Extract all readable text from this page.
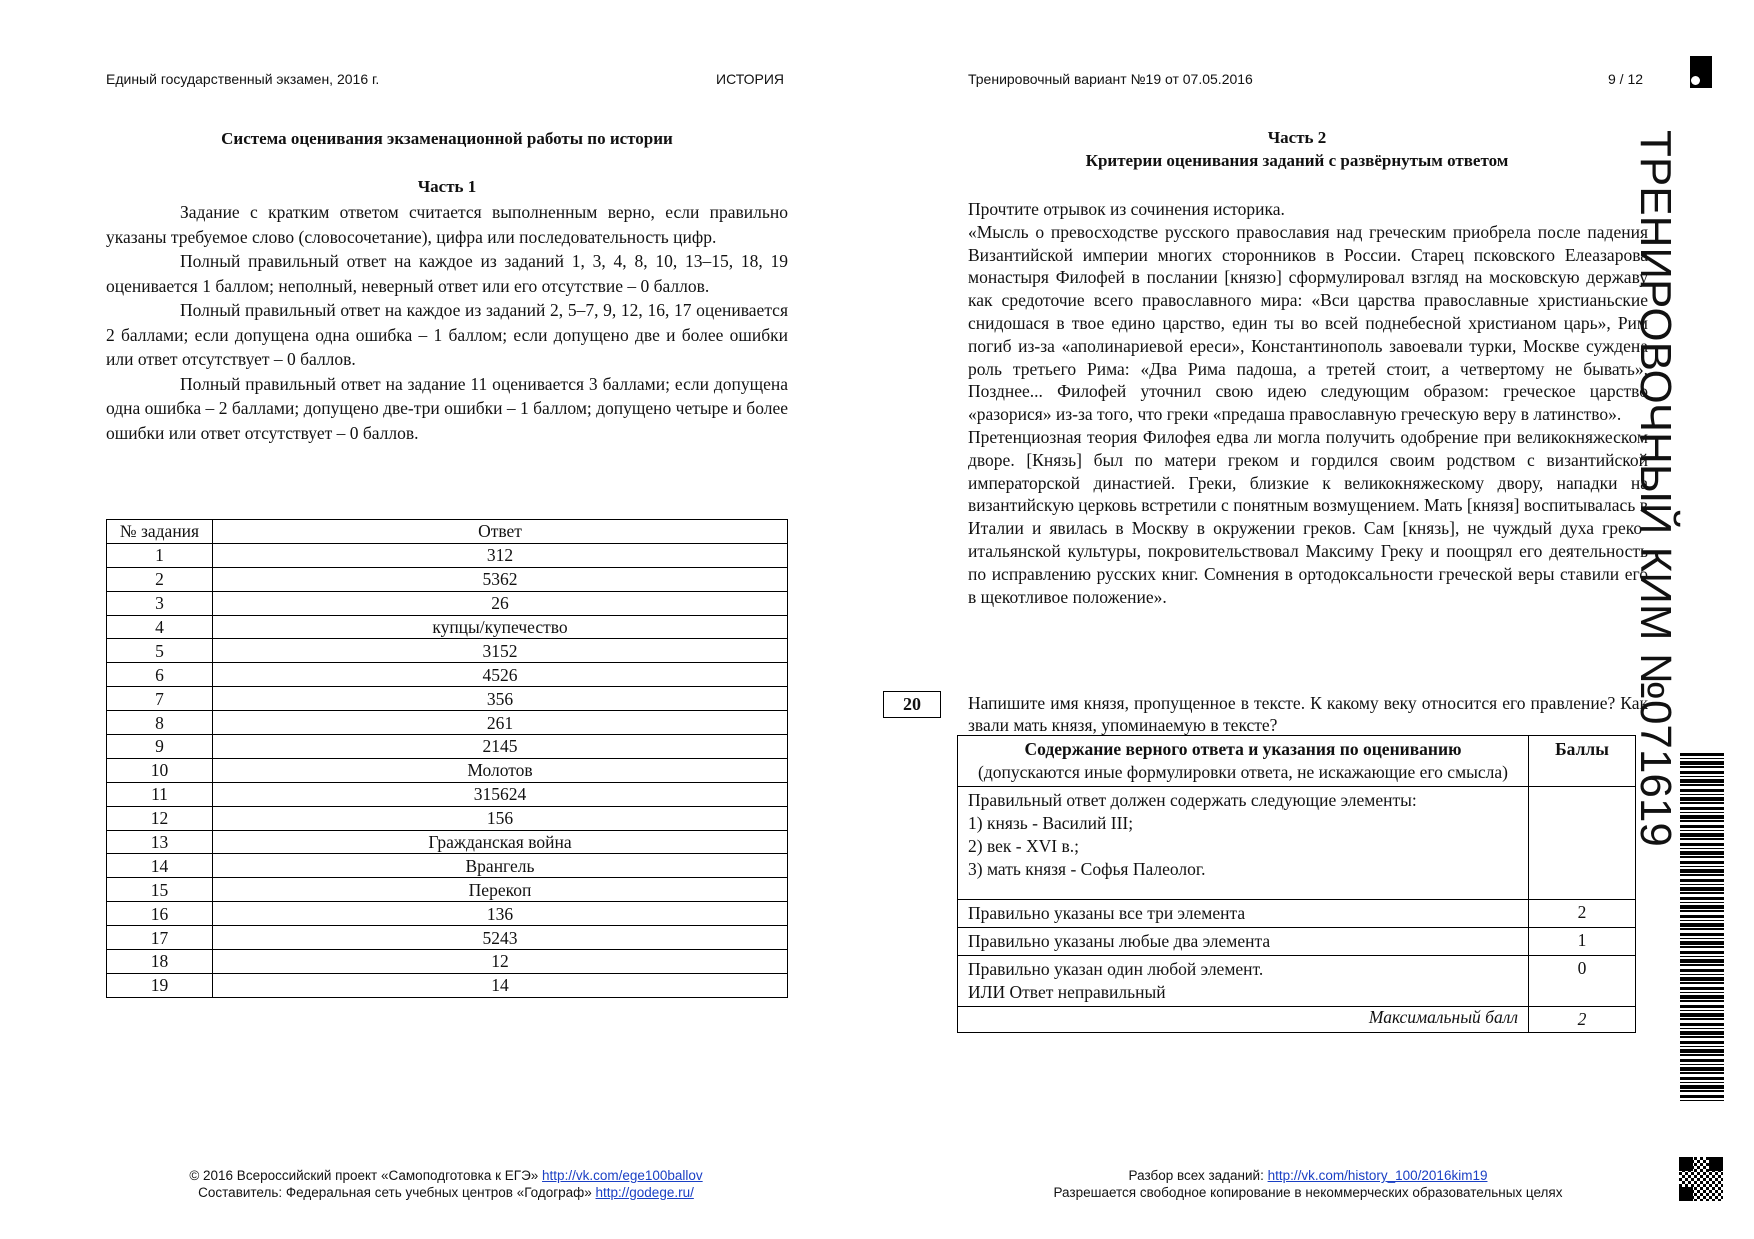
Единый государственный экзамен, 2016 г.	ИСТОРИЯ	Тренировочный вариант №19 от 07.05.2016	9 / 12
Система оценивания экзаменационной работы по истории
Часть 1

Задание с кратким ответом считается выполненным верно, если правильно указаны требуемое слово (словосочетание), цифра или последовательность цифр.

Полный правильный ответ на каждое из заданий 1, 3, 4, 8, 10, 13–15, 18, 19 оценивается 1 баллом; неполный, неверный ответ или его отсутствие – 0 баллов.

Полный правильный ответ на каждое из заданий 2, 5–7, 9, 12, 16, 17 оценивается 2 баллами; если допущена одна ошибка – 1 баллом; если допущено две и более ошибки или ответ отсутствует – 0 баллов.

Полный правильный ответ на задание 11 оценивается 3 баллами; если допущена одна ошибка – 2 баллами; допущено две-три ошибки – 1 баллом; допущено четыре и более ошибки или ответ отсутствует – 0 баллов.

№ задания	Ответ
1	312
2	5362
3	26
4	купцы/купечество
5	3152
6	4526
7	356
8	261
9	2145
10	Молотов
11	315624
12	156
13	Гражданская война
14	Врангель
15	Перекоп
16	136
17	5243
18	12
19	14
Часть 2
Критерии оценивания заданий с развёрнутым ответом

Прочтите отрывок из сочинения историка.

«Мысль о превосходстве русского православия над греческим приобрела после падения Византийской империи многих сторонников в России. Старец псковского Елеазарова монастыря Филофей в послании [князю] сформулировал взгляд на московскую державу как средоточие всего православного мира: «Вси царства православные христианьские снидошася в твое едино царство, един ты во всей поднебесной христианом царь», Рим погиб из-за «аполинариевой ереси», Константинополь завоевали турки, Москве суждена роль третьего Рима: «Два Рима падоша, а третей стоит, а четвертому не бывать». Позднее... Филофей уточнил свою идею следующим образом: греческое царство «разорися» из-за того, что греки «предаша православную греческую веру в латинство».

Претенциозная теория Филофея едва ли могла получить одобрение при великокняжеском дворе. [Князь] был по матери греком и гордился своим родством с византийской императорской династией. Греки, близкие к великокняжескому двору, нападки на византийскую церковь встретили с понятным возмущением. Мать [князя] воспитывалась в Италии и явилась в Москву в окружении греков. Сам [князь], не чуждый духа греко- итальянской культуры, покровительствовал Максиму Греку и поощрял его деятельность по исправлению русских книг. Сомнения в ортодоксальности греческой веры ставили его в щекотливое положение».

20	Напишите имя князя, пропущенное в тексте. К какому веку относится его правление? Как звали мать князя, упоминаемую в тексте?
Содержание верного ответа и указания по оцениванию
(допускаются иные формулировки ответа, не искажающие его смысла)	Баллы

Правильный ответ должен содержать следующие элементы:
1) князь - Василий III;
2) век - XVI в.;
3) мать князя - Софья Палеолог.	

Правильно указаны все три элемента	2
Правильно указаны любые два элемента	1

Правильно указан один любой элемент.
ИЛИ Ответ неправильный	0
Максимальный балл	2
ТРЕНИРОВОЧНЫЙ КИМ №071619
© 2016 Всероссийский проект «Самоподготовка к ЕГЭ» http://vk.com/ege100ballov
Составитель: Федеральная сеть учебных центров «Годограф» http://godege.ru/
Разбор всех заданий: http://vk.com/history_100/2016kim19
Разрешается свободное копирование в некоммерческих образовательных целях
